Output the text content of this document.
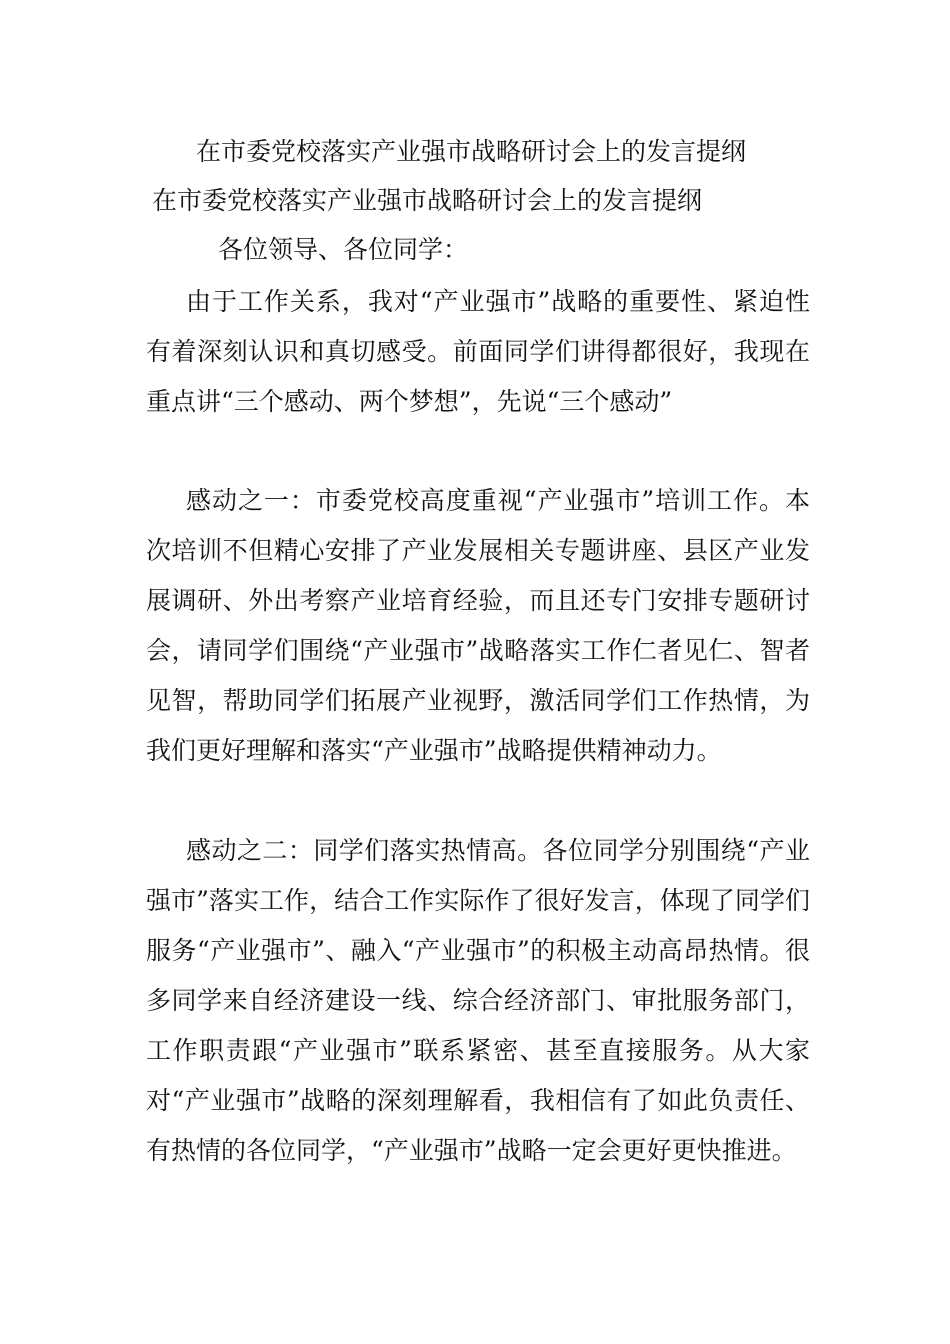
在市委党校落实产业强市战略研讨会上的发言提纲
在市委党校落实产业强市战略研讨会上的发言提纲
各位领导、各位同学：

由于工作关系，我对“产业强市”战略的重要性、紧迫性有着深刻认识和真切感受。前面同学们讲得都很好，我现在重点讲“三个感动、两个梦想”，先说“三个感动”

感动之一：市委党校高度重视“产业强市”培训工作。本次培训不但精心安排了产业发展相关专题讲座、县区产业发展调研、外出考察产业培育经验，而且还专门安排专题研讨会，请同学们围绕“产业强市”战略落实工作仁者见仁、智者见智，帮助同学们拓展产业视野，激活同学们工作热情，为我们更好理解和落实“产业强市”战略提供精神动力。

感动之二：同学们落实热情高。各位同学分别围绕“产业强市”落实工作，结合工作实际作了很好发言，体现了同学们服务“产业强市”、融入“产业强市”的积极主动高昂热情。很多同学来自经济建设一线、综合经济部门、审批服务部门，工作职责跟“产业强市”联系紧密、甚至直接服务。从大家对“产业强市”战略的深刻理解看，我相信有了如此负责任、有热情的各位同学，“产业强市”战略一定会更好更快推进。
